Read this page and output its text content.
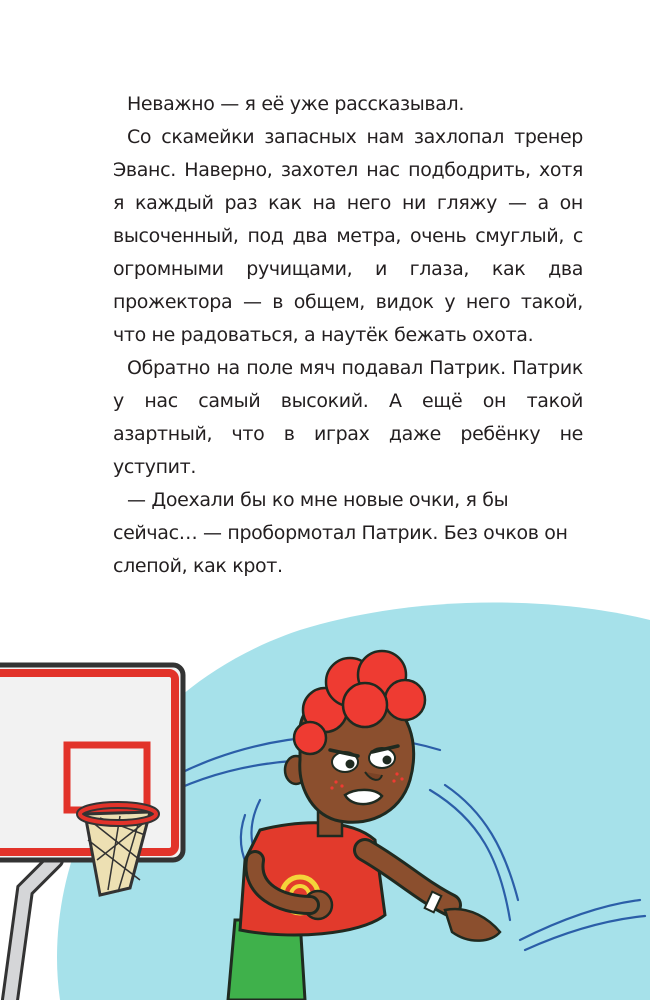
Неважно — я её уже рассказывал.

Со скамейки запасных нам захлопал тренер Эванс. Наверно, захотел нас подбодрить, хотя я каждый раз как на него ни гляжу — а он высоченный, под два метра, очень смуглый, с огромными ручищами, и глаза, как два прожектора — в общем, видок у него такой, что не радоваться, а наутёк бежать охота.

Обратно на поле мяч подавал Патрик. Патрик у нас самый высокий. А ещё он такой азартный, что в играх даже ребёнку не уступит.

— Доехали бы ко мне новые очки, я бы сейчас… — пробормотал Патрик. Без очков он слепой, как крот.
